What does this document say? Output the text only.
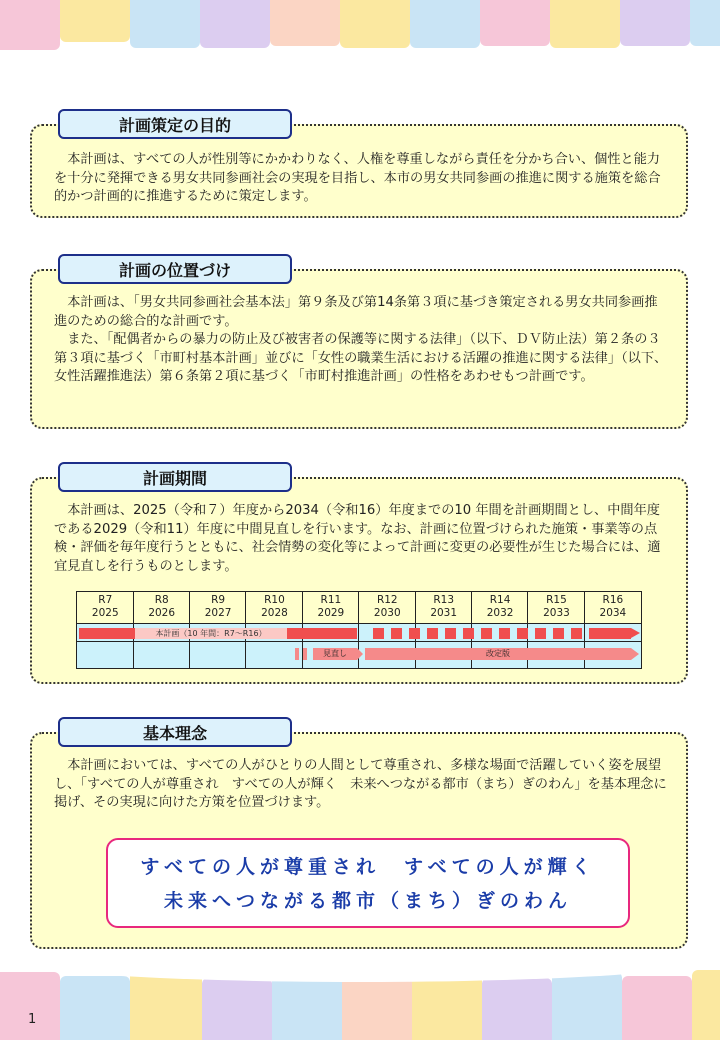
本計画は、すべての人が性別等にかかわりなく、人権を尊重しながら責任を分かち合い、個性と能力を十分に発揮できる男女共同参画社会の実現を目指し、本市の男女共同参画の推進に関する施策を総合的かつ計画的に推進するために策定します。

計画策定の目的

本計画は、「男女共同参画社会基本法」第９条及び第14条第３項に基づき策定される男女共同参画推進のための総合的な計画です。

また、「配偶者からの暴力の防止及び被害者の保護等に関する法律」（以下、ＤＶ防止法）第２条の３第３項に基づく「市町村基本計画」並びに「女性の職業生活における活躍の推進に関する法律」（以下、女性活躍推進法）第６条第２項に基づく「市町村推進計画」の性格をあわせもつ計画です。

計画の位置づけ

本計画は、2025（令和７）年度から2034（令和16）年度までの10 年間を計画期間とし、中間年度である2029（令和11）年度に中間見直しを行います。なお、計画に位置づけられた施策・事業等の点検・評価を毎年度行うとともに、社会情勢の変化等によって計画に変更の必要性が生じた場合には、適宜見直しを行うものとします。

R7
2025
R8
2026
R9
2027
R10
2028
R11
2029
R12
2030
R13
2031
R14
2032
R15
2033
R16
2034
本計画（10 年間：R7～R16）
見直し	改定版
計画期間

本計画においては、すべての人がひとりの人間として尊重され、多様な場面で活躍していく姿を展望し、「すべての人が尊重され　すべての人が輝く　未来へつながる都市（まち）ぎのわん」を基本理念に掲げ、その実現に向けた方策を位置づけます。

すべての人が尊重され　すべての人が輝く
未来へつながる都市（まち）ぎのわん
基本理念
1
